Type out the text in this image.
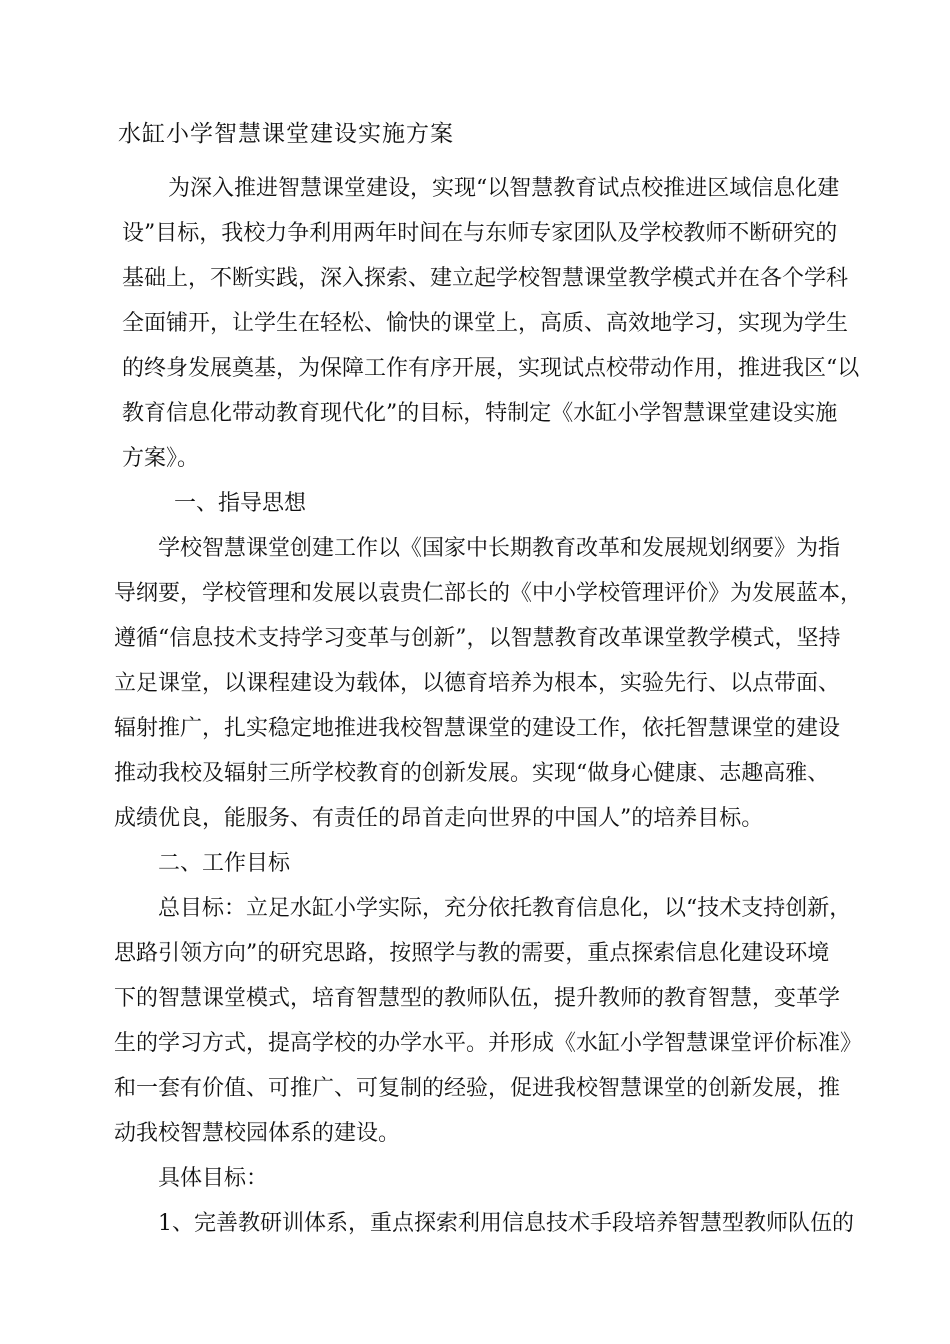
水缸小学智慧课堂建设实施方案
为深入推进智慧课堂建设，实现“以智慧教育试点校推进区域信息化建
设”目标，我校力争利用两年时间在与东师专家团队及学校教师不断研究的
基础上，不断实践，深入探索、建立起学校智慧课堂教学模式并在各个学科
全面铺开，让学生在轻松、愉快的课堂上，高质、高效地学习，实现为学生
的终身发展奠基，为保障工作有序开展，实现试点校带动作用，推进我区“以
教育信息化带动教育现代化”的目标，特制定《水缸小学智慧课堂建设实施
方案》。
一、指导思想
学校智慧课堂创建工作以《国家中长期教育改革和发展规划纲要》为指
导纲要，学校管理和发展以袁贵仁部长的《中小学校管理评价》为发展蓝本，
遵循“信息技术支持学习变革与创新”，以智慧教育改革课堂教学模式，坚持
立足课堂，以课程建设为载体，以德育培养为根本，实验先行、以点带面、
辐射推广，扎实稳定地推进我校智慧课堂的建设工作，依托智慧课堂的建设
推动我校及辐射三所学校教育的创新发展。实现“做身心健康、志趣高雅、
成绩优良，能服务、有责任的昂首走向世界的中国人”的培养目标。
二、工作目标
总目标：立足水缸小学实际，充分依托教育信息化，以“技术支持创新，
思路引领方向”的研究思路，按照学与教的需要，重点探索信息化建设环境
下的智慧课堂模式，培育智慧型的教师队伍，提升教师的教育智慧，变革学
生的学习方式，提高学校的办学水平。并形成《水缸小学智慧课堂评价标准》
和一套有价值、可推广、可复制的经验，促进我校智慧课堂的创新发展，推
动我校智慧校园体系的建设。
具体目标：
1、完善教研训体系，重点探索利用信息技术手段培养智慧型教师队伍的
